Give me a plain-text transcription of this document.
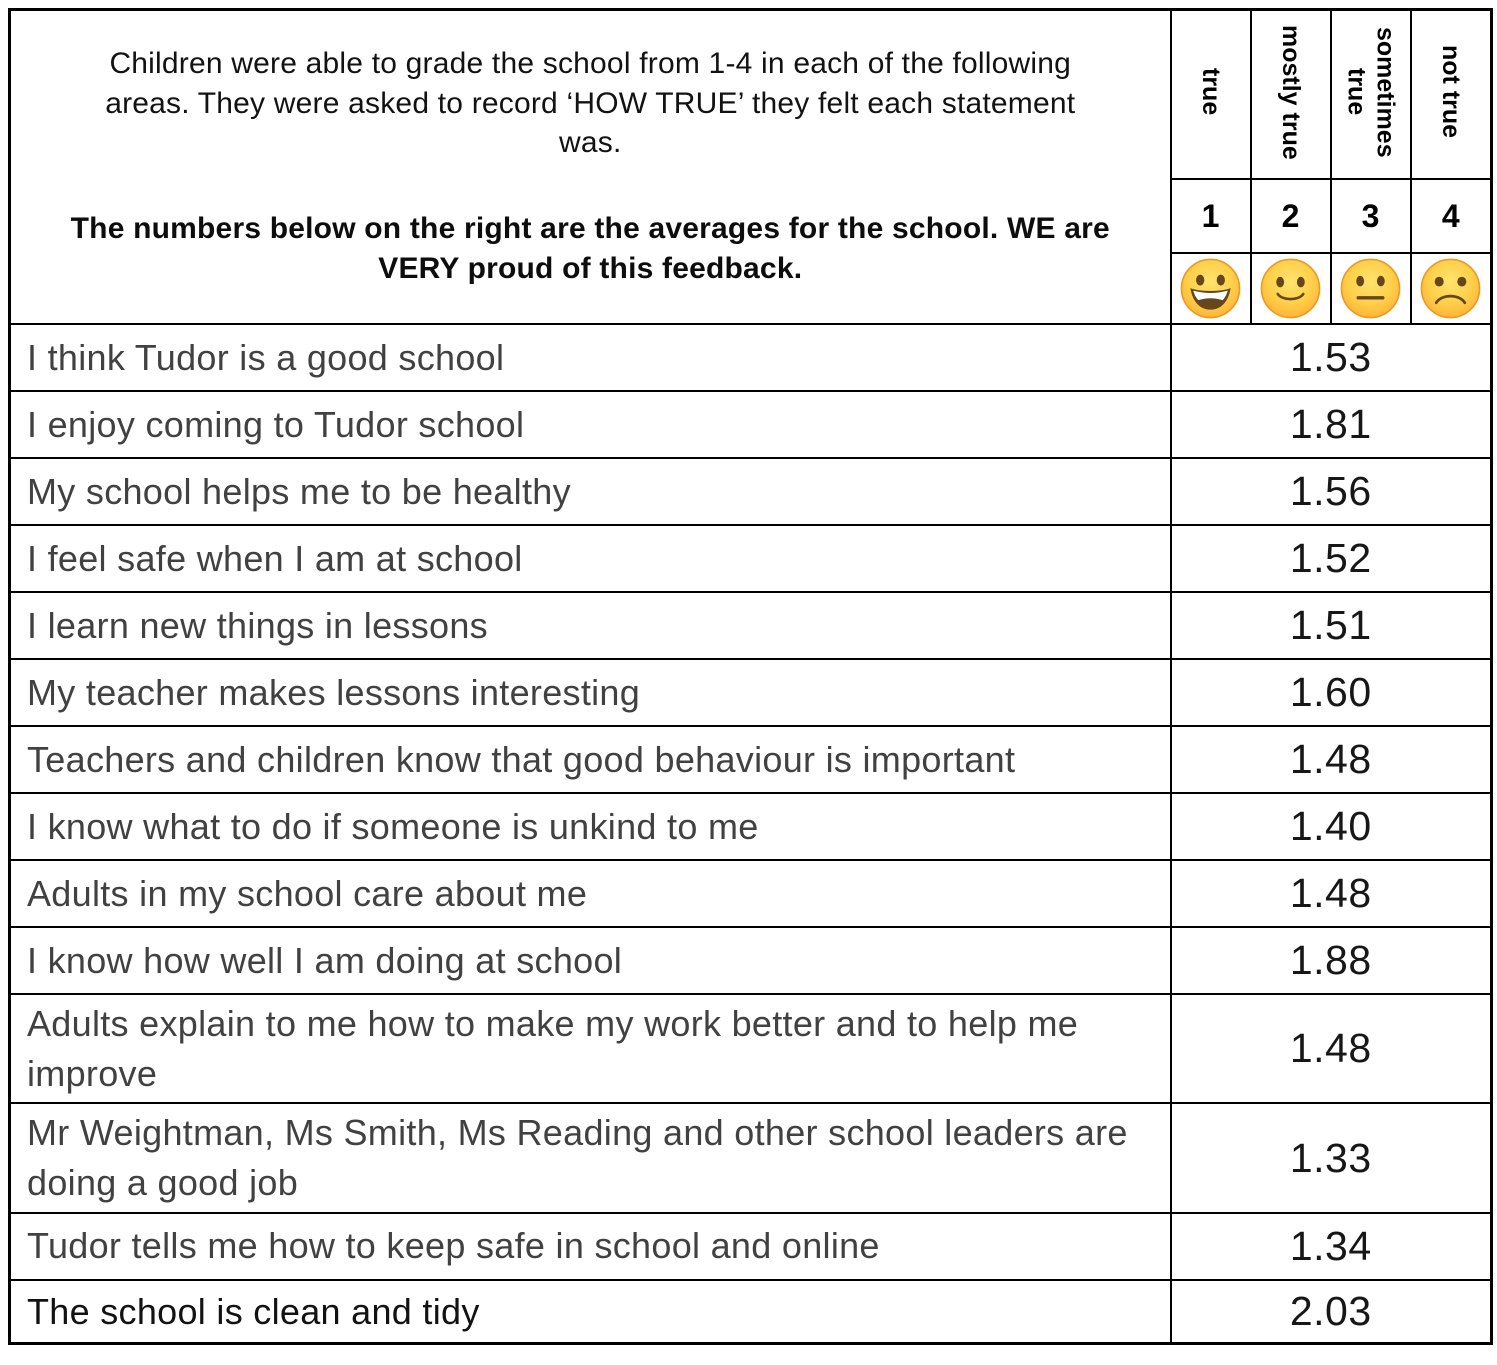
Children were able to grade the school from 1-4 in each of the following areas. They were asked to record ‘HOW TRUE’ they felt each statement was.

The numbers below on the right are the averages for the school. WE are VERY proud of this feedback.	true	mostly true	sometimes true	not true
	1	2	3	4

I think Tudor is a good school	1.53			
I enjoy coming to Tudor school	1.81			
My school helps me to be healthy	1.56			
I feel safe when I am at school	1.52			
I learn new things in lessons	1.51			
My teacher makes lessons interesting	1.60			
Teachers and children know that good behaviour is important	1.48			
I know what to do if someone is unkind to me	1.40			
Adults in my school care about me	1.48			
I know how well I am doing at school	1.88			
Adults explain to me how to make my work better and to help me improve	1.48			
Mr Weightman, Ms Smith, Ms Reading and other school leaders are doing a good job	1.33			
Tudor tells me how to keep safe in school and online	1.34			
The school is clean and tidy	2.03			
